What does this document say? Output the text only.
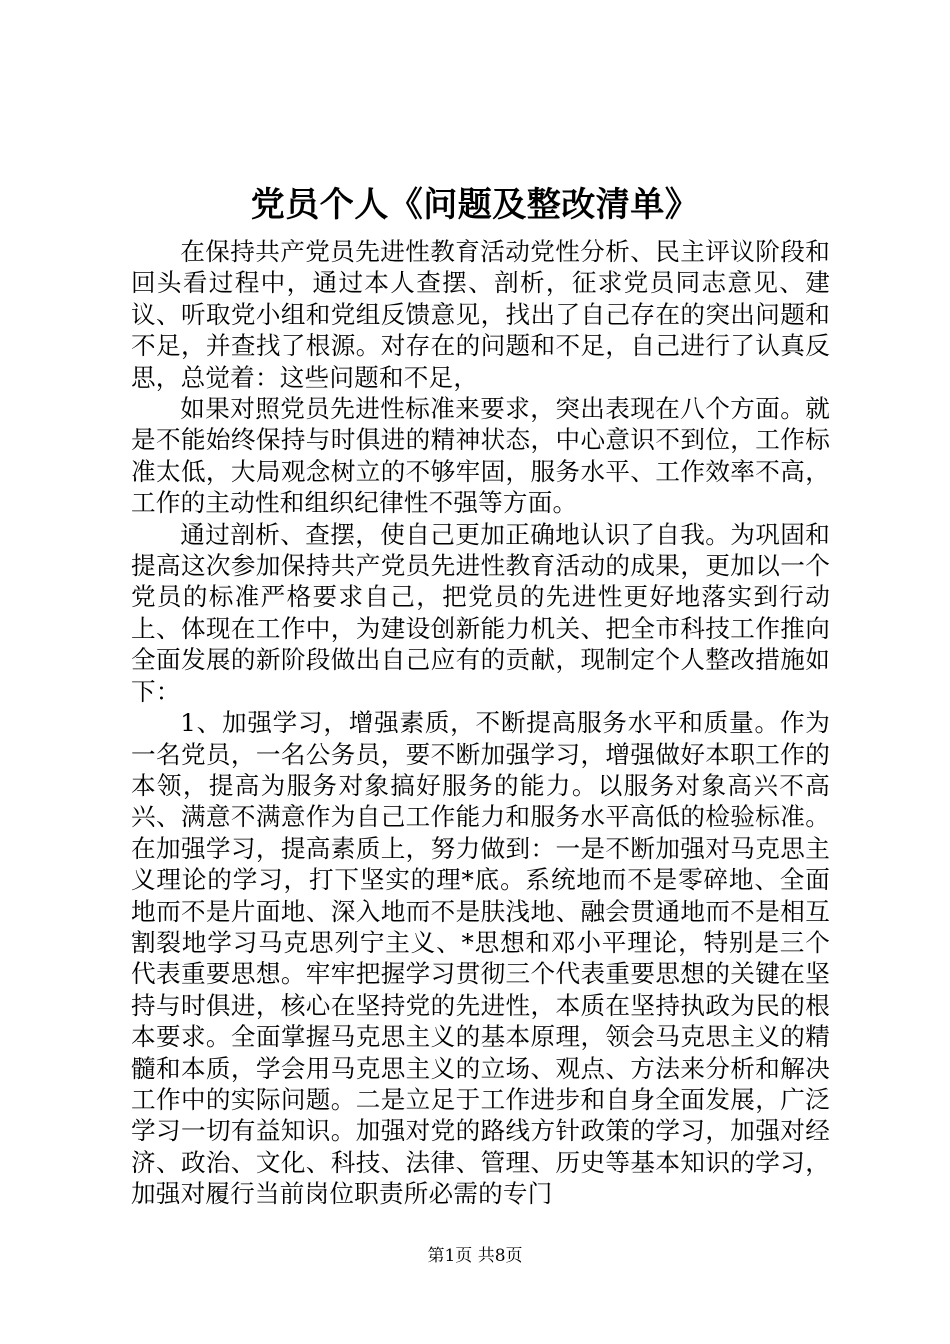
党员个人《问题及整改清单》

在保持共产党员先进性教育活动党性分析、民主评议阶段和回头看过程中，通过本人查摆、剖析，征求党员同志意见、建议、听取党小组和党组反馈意见，找出了自己存在的突出问题和不足，并查找了根源。对存在的问题和不足，自己进行了认真反思，总觉着：这些问题和不足，

如果对照党员先进性标准来要求，突出表现在八个方面。就是不能始终保持与时俱进的精神状态，中心意识不到位，工作标准太低，大局观念树立的不够牢固，服务水平、工作效率不高，工作的主动性和组织纪律性不强等方面。

通过剖析、查摆，使自己更加正确地认识了自我。为巩固和提高这次参加保持共产党员先进性教育活动的成果，更加以一个党员的标准严格要求自己，把党员的先进性更好地落实到行动上、体现在工作中，为建设创新能力机关、把全市科技工作推向全面发展的新阶段做出自己应有的贡献，现制定个人整改措施如下：

1、加强学习，增强素质，不断提高服务水平和质量。作为一名党员，一名公务员，要不断加强学习，增强做好本职工作的本领，提高为服务对象搞好服务的能力。以服务对象高兴不高兴、满意不满意作为自己工作能力和服务水平高低的检验标准。在加强学习，提高素质上，努力做到：一是不断加强对马克思主义理论的学习，打下坚实的理*底。系统地而不是零碎地、全面地而不是片面地、深入地而不是肤浅地、融会贯通地而不是相互割裂地学习马克思列宁主义、*思想和邓小平理论，特别是三个代表重要思想。牢牢把握学习贯彻三个代表重要思想的关键在坚持与时俱进，核心在坚持党的先进性，本质在坚持执政为民的根本要求。全面掌握马克思主义的基本原理，领会马克思主义的精髓和本质，学会用马克思主义的立场、观点、方法来分析和解决工作中的实际问题。二是立足于工作进步和自身全面发展，广泛学习一切有益知识。加强对党的路线方针政策的学习，加强对经济、政治、文化、科技、法律、管理、历史等基本知识的学习，加强对履行当前岗位职责所必需的专门

第1页 共8页
